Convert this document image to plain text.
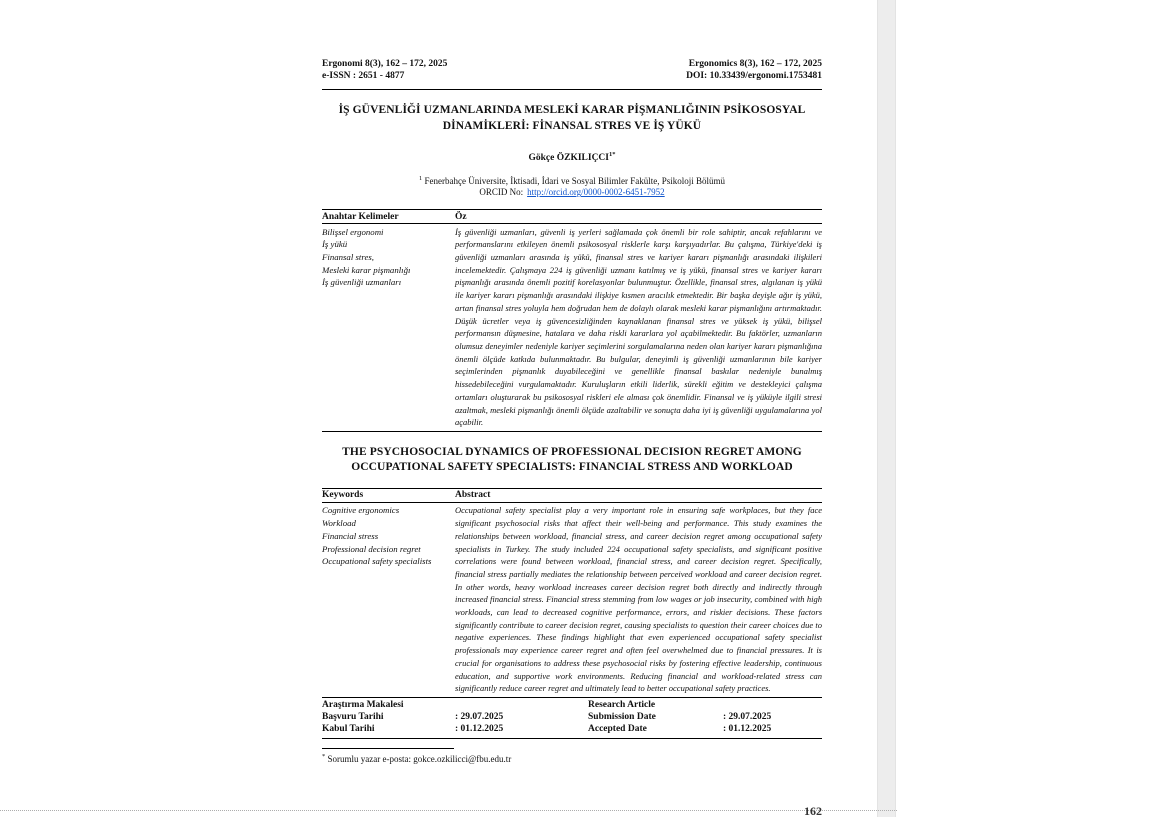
Ergonomi 8(3), 162 – 172, 2025
e-ISSN : 2651 - 4877
Ergonomics 8(3), 162 – 172, 2025
DOI: 10.33439/ergonomi.1753481
İŞ GÜVENLİĞİ UZMANLARINDA MESLEKİ KARAR PİŞMANLIĞININ PSİKOSOSYAL DİNAMİKLERİ: FİNANSAL STRES VE İŞ YÜKÜ
Gökçe $ÖZKILIÇCI^{1*}$
$^1$ Fenerbahçe Üniversite, İktisadi, İdari ve Sosyal Bilimler Fakülte, Psikoloji Bölümü
ORCID No: http://orcid.org/0000-0002-6451-7952
Anahtar Kelimeler	Öz
Bilişsel ergonomi
İş yükü
Finansal stres,
Mesleki karar pişmanlığı
İş güvenliği uzmanları
İş güvenliği uzmanları, güvenli iş yerleri sağlamada çok önemli bir role sahiptir, ancak refahlarını ve performanslarını etkileyen önemli psikososyal risklerle karşı karşıyadırlar. Bu çalışma, Türkiye'deki iş güvenliği uzmanları arasında iş yükü, finansal stres ve kariyer kararı pişmanlığı arasındaki ilişkileri incelemektedir. Çalışmaya 224 iş güvenliği uzmanı katılmış ve iş yükü, finansal stres ve kariyer kararı pişmanlığı arasında önemli pozitif korelasyonlar bulunmuştur. Özellikle, finansal stres, algılanan iş yükü ile kariyer kararı pişmanlığı arasındaki ilişkiye kısmen aracılık etmektedir. Bir başka deyişle ağır iş yükü, artan finansal stres yoluyla hem doğrudan hem de dolaylı olarak mesleki karar pişmanlığını artırmaktadır. Düşük ücretler veya iş güvencesizliğinden kaynaklanan finansal stres ve yüksek iş yükü, bilişsel performansın düşmesine, hatalara ve daha riskli kararlara yol açabilmektedir. Bu faktörler, uzmanların olumsuz deneyimler nedeniyle kariyer seçimlerini sorgulamalarına neden olan kariyer kararı pişmanlığına önemli ölçüde katkıda bulunmaktadır. Bu bulgular, deneyimli iş güvenliği uzmanlarının bile kariyer seçimlerinden pişmanlık duyabileceğini ve genellikle finansal baskılar nedeniyle bunalmış hissedebileceğini vurgulamaktadır. Kuruluşların etkili liderlik, sürekli eğitim ve destekleyici çalışma ortamları oluşturarak bu psikososyal riskleri ele alması çok önemlidir. Finansal ve iş yüküyle ilgili stresi azaltmak, mesleki pişmanlığı önemli ölçüde azaltabilir ve sonuçta daha iyi iş güvenliği uygulamalarına yol açabilir.
THE PSYCHOSOCIAL DYNAMICS OF PROFESSIONAL DECISION REGRET AMONG OCCUPATIONAL SAFETY SPECIALISTS: FINANCIAL STRESS AND WORKLOAD
Keywords	Abstract
Cognitive ergonomics
Workload
Financial stress
Professional decision regret
Occupational safety specialists
Occupational safety specialist play a very important role in ensuring safe workplaces, but they face significant psychosocial risks that affect their well-being and performance. This study examines the relationships between workload, financial stress, and career decision regret among occupational safety specialists in Turkey. The study included 224 occupational safety specialists, and significant positive correlations were found between workload, financial stress, and career decision regret. Specifically, financial stress partially mediates the relationship between perceived workload and career decision regret. In other words, heavy workload increases career decision regret both directly and indirectly through increased financial stress. Financial stress stemming from low wages or job insecurity, combined with high workloads, can lead to decreased cognitive performance, errors, and riskier decisions. These factors significantly contribute to career decision regret, causing specialists to question their career choices due to negative experiences. These findings highlight that even experienced occupational safety specialist professionals may experience career regret and often feel overwhelmed due to financial pressures. It is crucial for organisations to address these psychosocial risks by fostering effective leadership, continuous education, and supportive work environments. Reducing financial and workload-related stress can significantly reduce career regret and ultimately lead to better occupational safety practices.
Araştırma Makalesi	Research Article
Başvuru Tarihi	: 29.07.2025	Submission Date	: 29.07.2025
Kabul Tarihi	: 01.12.2025	Accepted Date	: 01.12.2025
* Sorumlu yazar e-posta: gokce.ozkilicci@fbu.edu.tr
162
